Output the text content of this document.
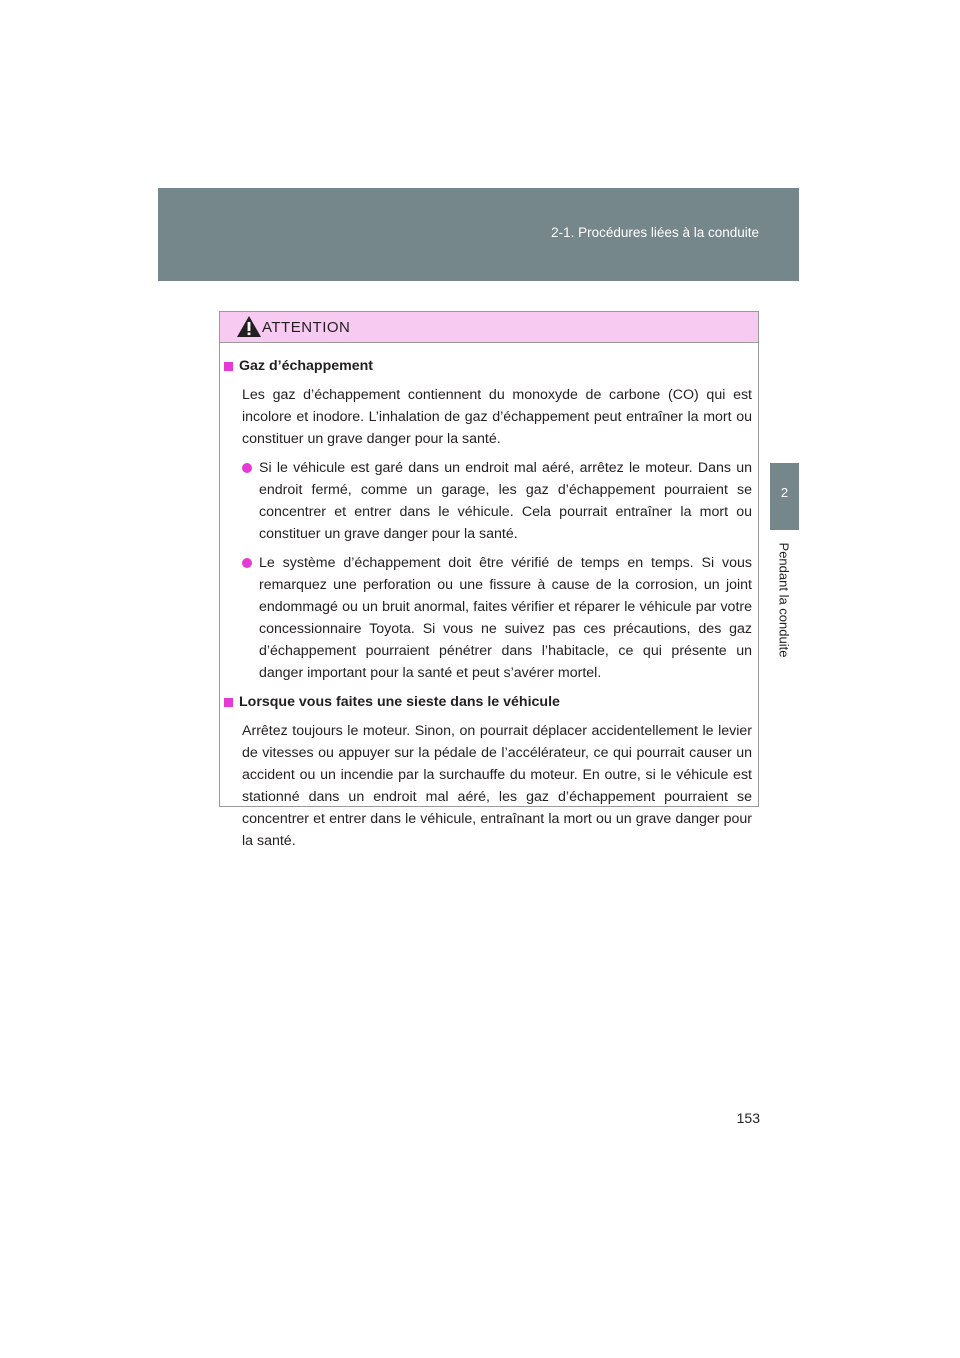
2-1. Procédures liées à la conduite
2
Pendant la conduite
ATTENTION
Gaz d’échappement
Les gaz d’échappement contiennent du monoxyde de carbone (CO) qui est incolore et inodore. L’inhalation de gaz d’échappement peut entraîner la mort ou constituer un grave danger pour la santé.
Si le véhicule est garé dans un endroit mal aéré, arrêtez le moteur. Dans un endroit fermé, comme un garage, les gaz d’échappement pourraient se concentrer et entrer dans le véhicule. Cela pourrait entraîner la mort ou constituer un grave danger pour la santé.
Le système d’échappement doit être vérifié de temps en temps. Si vous remarquez une perforation ou une fissure à cause de la corrosion, un joint endommagé ou un bruit anormal, faites vérifier et réparer le véhicule par votre concessionnaire Toyota. Si vous ne suivez pas ces précautions, des gaz d’échappement pourraient pénétrer dans l’habitacle, ce qui présente un danger important pour la santé et peut s’avérer mortel.
Lorsque vous faites une sieste dans le véhicule
Arrêtez toujours le moteur. Sinon, on pourrait déplacer accidentellement le levier de vitesses ou appuyer sur la pédale de l’accélérateur, ce qui pourrait causer un accident ou un incendie par la surchauffe du moteur. En outre, si le véhicule est stationné dans un endroit mal aéré, les gaz d’échappement pourraient se concentrer et entrer dans le véhicule, entraînant la mort ou un grave danger pour la santé.
153
